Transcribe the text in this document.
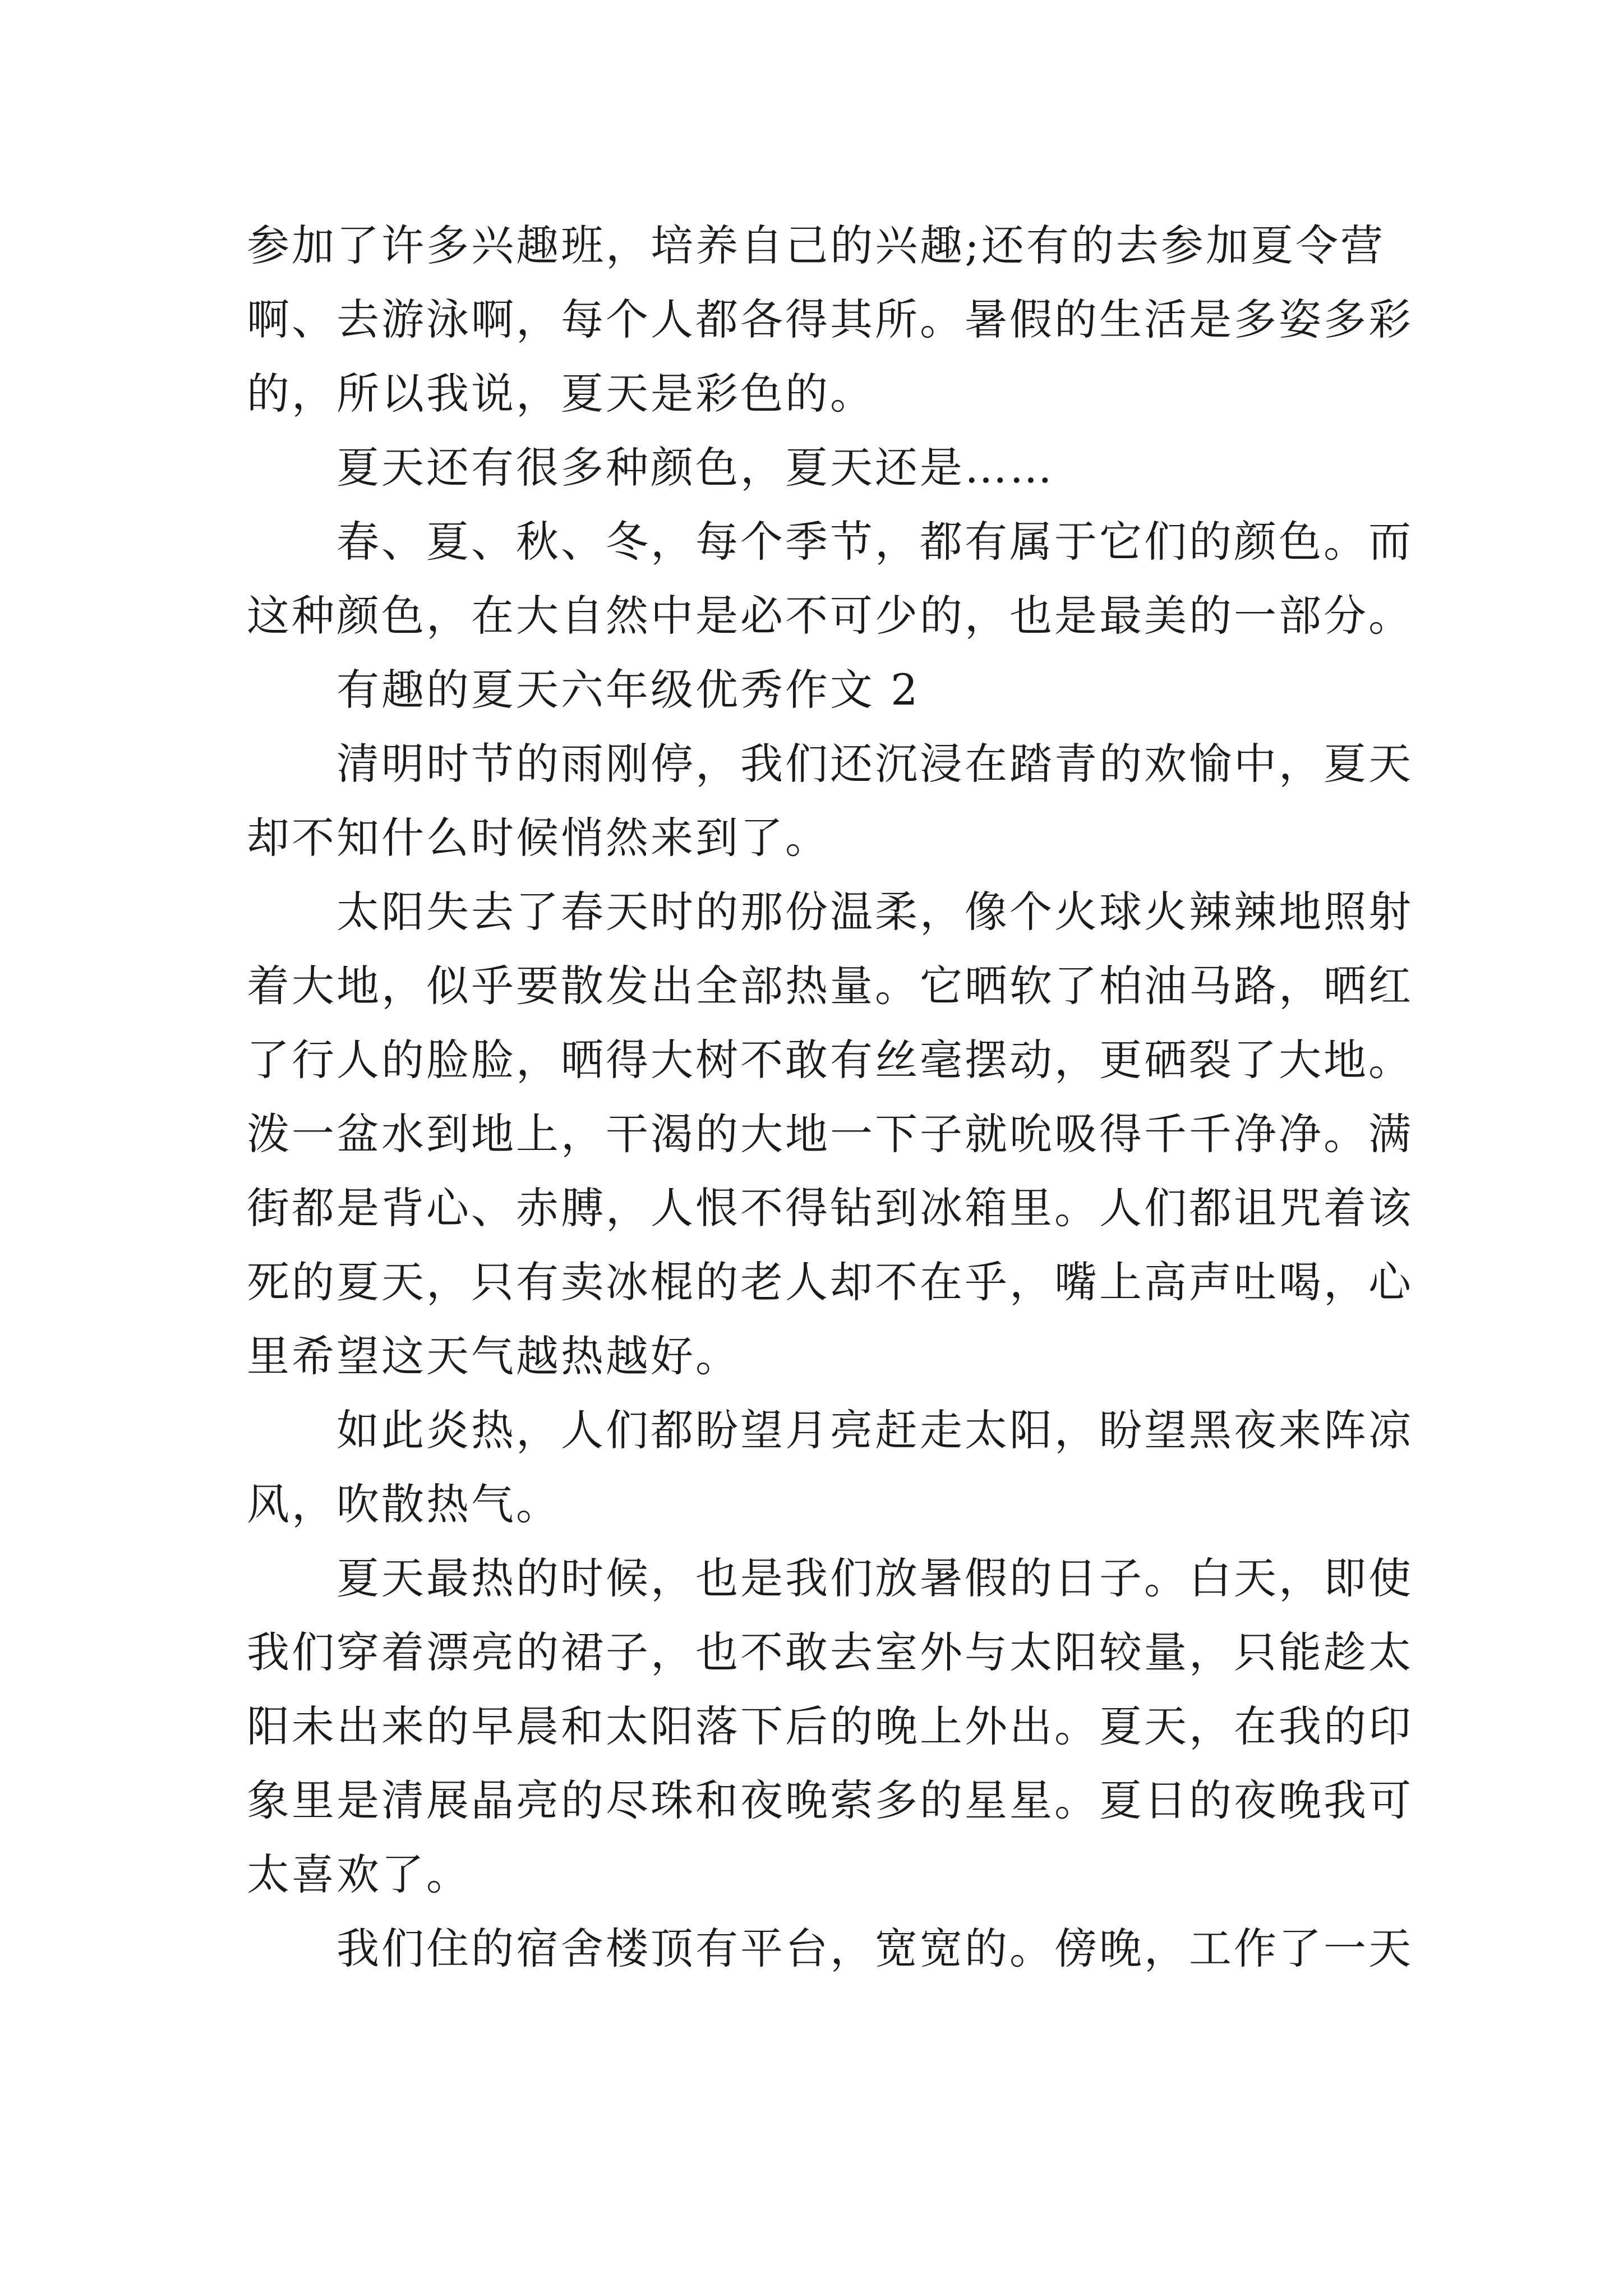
参加了许多兴趣班，培养自己的兴趣;还有的去参加夏令营
啊、去游泳啊，每个人都各得其所。暑假的生活是多姿多彩
的，所以我说，夏天是彩色的。
夏天还有很多种颜色，夏天还是……
春、夏、秋、冬，每个季节，都有属于它们的颜色。而
这种颜色，在大自然中是必不可少的，也是最美的一部分。
有趣的夏天六年级优秀作文 2
清明时节的雨刚停，我们还沉浸在踏青的欢愉中，夏天
却不知什么时候悄然来到了。
太阳失去了春天时的那份温柔，像个火球火辣辣地照射
着大地，似乎要散发出全部热量。它晒软了柏油马路，晒红
了行人的脸脸，晒得大树不敢有丝毫摆动，更硒裂了大地。
泼一盆水到地上，干渴的大地一下子就吮吸得千千净净。满
街都是背心、赤膊，人恨不得钻到冰箱里。人们都诅咒着该
死的夏天，只有卖冰棍的老人却不在乎，嘴上高声吐喝，心
里希望这天气越热越好。
如此炎热，人们都盼望月亮赶走太阳，盼望黑夜来阵凉
风，吹散热气。
夏天最热的时候，也是我们放暑假的日子。白天，即使
我们穿着漂亮的裙子，也不敢去室外与太阳较量，只能趁太
阳未出来的早晨和太阳落下后的晚上外出。夏天，在我的印
象里是清展晶亮的尽珠和夜晚萦多的星星。夏日的夜晚我可
太喜欢了。
我们住的宿舍楼顶有平台，宽宽的。傍晚，工作了一天
